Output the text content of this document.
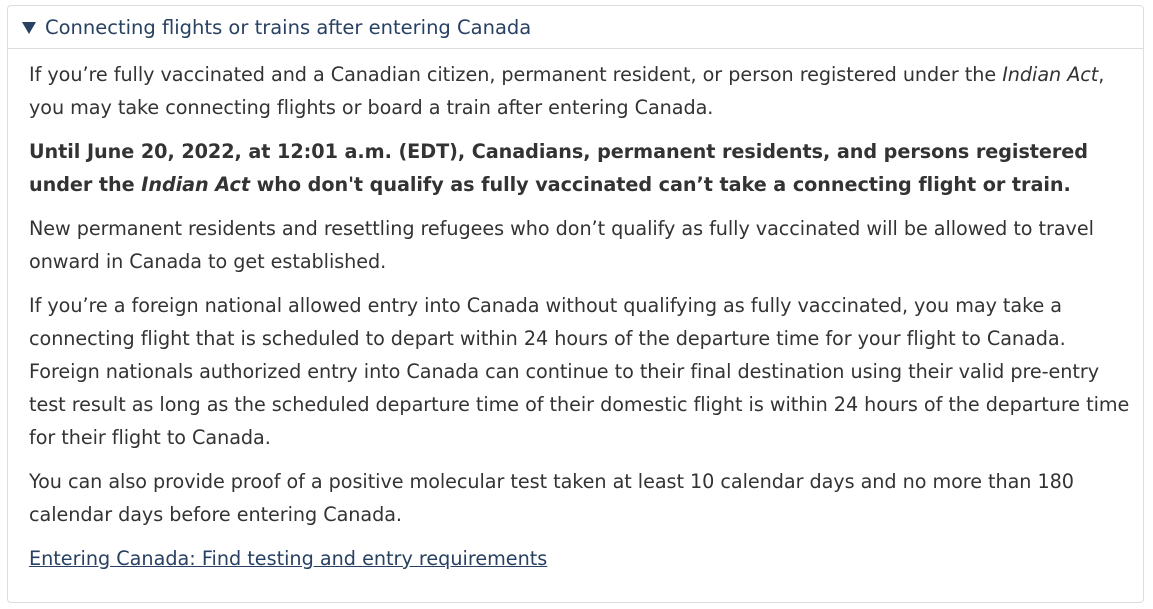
Connecting flights or trains after entering Canada

If you’re fully vaccinated and a Canadian citizen, permanent resident, or person registered under the Indian Act, you may take connecting flights or board a train after entering Canada.

Until June 20, 2022, at 12:01 a.m. (EDT), Canadians, permanent residents, and persons registered under the Indian Act who don't qualify as fully vaccinated can’t take a connecting flight or train.

New permanent residents and resettling refugees who don’t qualify as fully vaccinated will be allowed to travel onward in Canada to get established.

If you’re a foreign national allowed entry into Canada without qualifying as fully vaccinated, you may take a connecting flight that is scheduled to depart within 24 hours of the departure time for your flight to Canada. Foreign nationals authorized entry into Canada can continue to their final destination using their valid pre-entry test result as long as the scheduled departure time of their domestic flight is within 24 hours of the departure time for their flight to Canada.

You can also provide proof of a positive molecular test taken at least 10 calendar days and no more than 180 calendar days before entering Canada.

Entering Canada: Find testing and entry requirements
